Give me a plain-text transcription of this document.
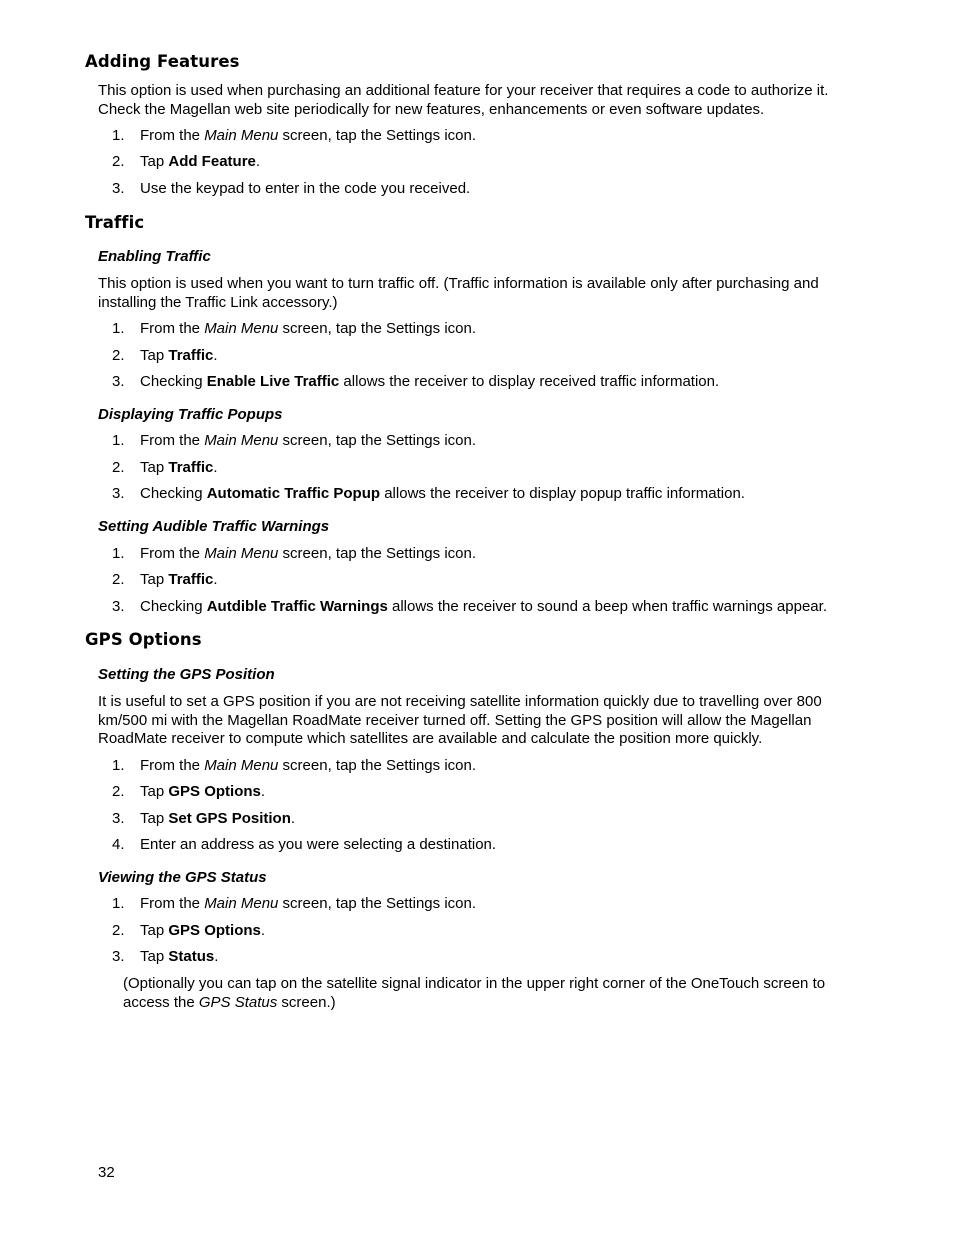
Adding Features
This option is used when purchasing an additional feature for your receiver that requires a code to authorize it. Check the Magellan web site periodically for new features, enhancements or even software updates.
1. From the Main Menu screen, tap the Settings icon.
2. Tap Add Feature.
3. Use the keypad to enter in the code you received.
Traffic
Enabling Traffic
This option is used when you want to turn traffic off. (Traffic information is available only after purchasing and installing the Traffic Link accessory.)
1. From the Main Menu screen, tap the Settings icon.
2. Tap Traffic.
3. Checking Enable Live Traffic allows the receiver to display received traffic information.
Displaying Traffic Popups
1. From the Main Menu screen, tap the Settings icon.
2. Tap Traffic.
3. Checking Automatic Traffic Popup allows the receiver to display popup traffic information.
Setting Audible Traffic Warnings
1. From the Main Menu screen, tap the Settings icon.
2. Tap Traffic.
3. Checking Autdible Traffic Warnings allows the receiver to sound a beep when traffic warnings appear.
GPS Options
Setting the GPS Position
It is useful to set a GPS position if you are not receiving satellite information quickly due to travelling over 800 km/500 mi with the Magellan RoadMate receiver turned off. Setting the GPS position will allow the Magellan RoadMate receiver to compute which satellites are available and calculate the position more quickly.
1. From the Main Menu screen, tap the Settings icon.
2. Tap GPS Options.
3. Tap Set GPS Position.
4. Enter an address as you were selecting a destination.
Viewing the GPS Status
1. From the Main Menu screen, tap the Settings icon.
2. Tap GPS Options.
3. Tap Status.
(Optionally you can tap on the satellite signal indicator in the upper right corner of the OneTouch screen to access the GPS Status screen.)
32
